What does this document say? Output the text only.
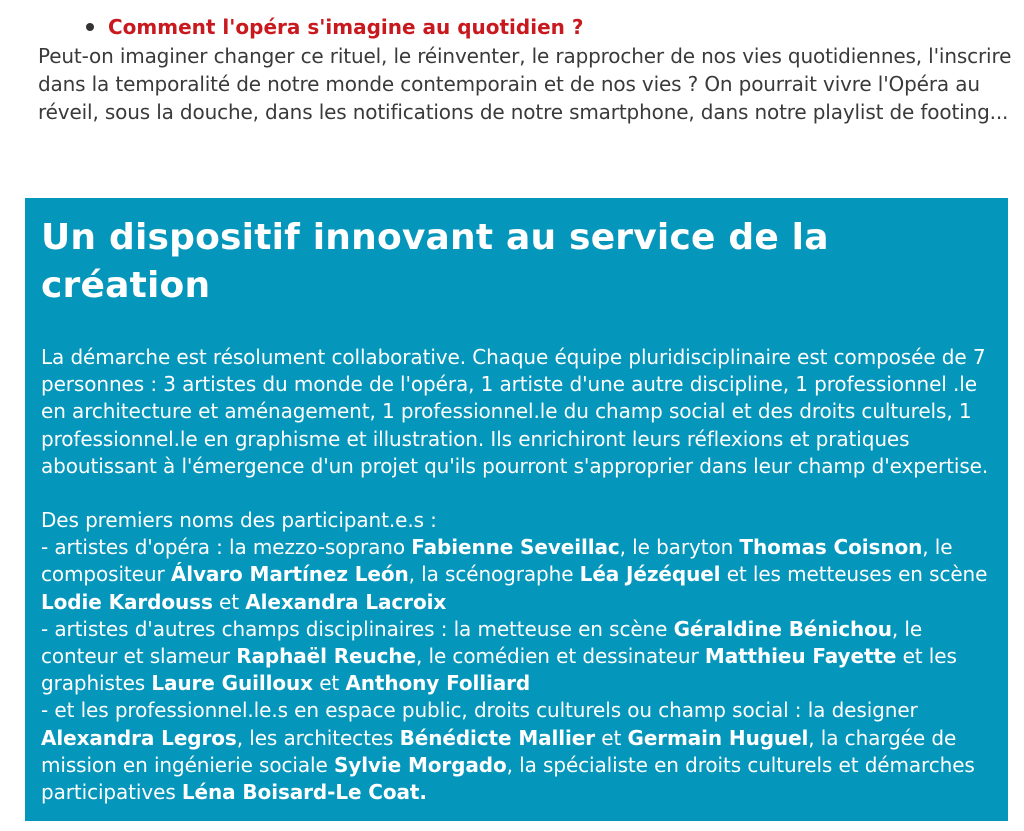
Comment l'opéra s'imagine au quotidien ?

Peut-on imaginer changer ce rituel, le réinventer, le rapprocher de nos vies quotidiennes, l'inscrire dans la temporalité de notre monde contemporain et de nos vies ? On pourrait vivre l'Opéra au réveil, sous la douche, dans les notifications de notre smartphone, dans notre playlist de footing...

Un dispositif innovant au service de la création

La démarche est résolument collaborative. Chaque équipe pluridisciplinaire est composée de 7 personnes : 3 artistes du monde de l'opéra, 1 artiste d'une autre discipline, 1 professionnel .le en architecture et aménagement, 1 professionnel.le du champ social et des droits culturels, 1 professionnel.le en graphisme et illustration. Ils enrichiront leurs réflexions et pratiques aboutissant à l'émergence d'un projet qu'ils pourront s'approprier dans leur champ d'expertise.

Des premiers noms des participant.e.s :

- artistes d'opéra : la mezzo-soprano Fabienne Seveillac, le baryton Thomas Coisnon, le compositeur Álvaro Martínez León, la scénographe Léa Jézéquel et les metteuses en scène Lodie Kardouss et Alexandra Lacroix

- artistes d'autres champs disciplinaires : la metteuse en scène Géraldine Bénichou, le conteur et slameur Raphaël Reuche, le comédien et dessinateur Matthieu Fayette et les graphistes Laure Guilloux et Anthony Folliard

- et les professionnel.le.s en espace public, droits culturels ou champ social : la designer Alexandra Legros, les architectes Bénédicte Mallier et Germain Huguel, la chargée de mission en ingénierie sociale Sylvie Morgado, la spécialiste en droits culturels et démarches participatives Léna Boisard-Le Coat.
